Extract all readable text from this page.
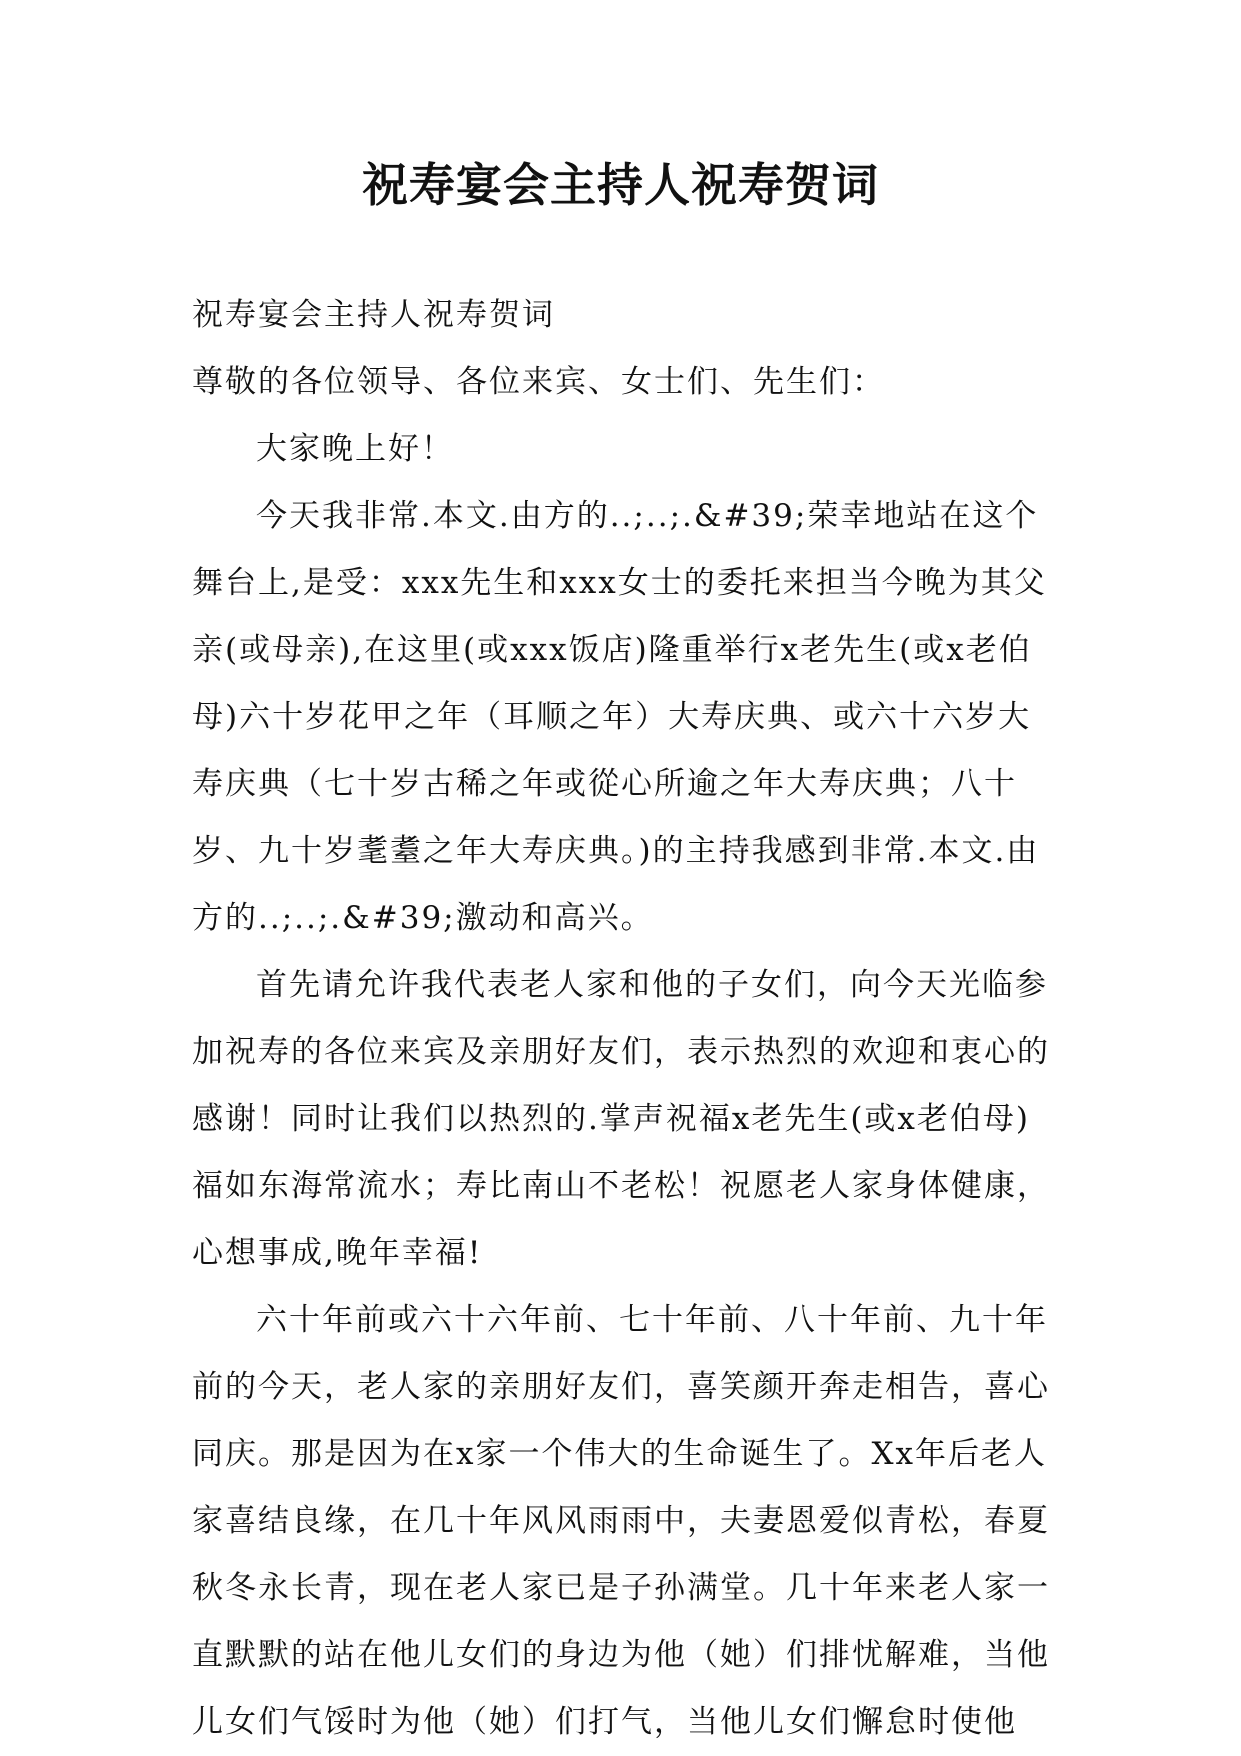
祝寿宴会主持人祝寿贺词

祝寿宴会主持人祝寿贺词

尊敬的各位领导、各位来宾、女士们、先生们：

大家晚上好！

今天我非常.本文.由方的..;..;.&#39;荣幸地站在这个舞台上,是受：xxx先生和xxx女士的委托来担当今晚为其父亲(或母亲),在这里(或xxx饭店)隆重举行x老先生(或x老伯母)六十岁花甲之年（耳顺之年）大寿庆典、或六十六岁大寿庆典（七十岁古稀之年或從心所逾之年大寿庆典；八十岁、九十岁耄耋之年大寿庆典。)的主持我感到非常.本文.由方的..;..;.&#39;激动和高兴。

首先请允许我代表老人家和他的子女们，向今天光临参加祝寿的各位来宾及亲朋好友们，表示热烈的欢迎和衷心的感谢！同时让我们以热烈的.掌声祝福x老先生(或x老伯母)福如东海常流水；寿比南山不老松！祝愿老人家身体健康，心想事成,晚年幸福!

六十年前或六十六年前、七十年前、八十年前、九十年前的今天，老人家的亲朋好友们，喜笑颜开奔走相告，喜心同庆。那是因为在x家一个伟大的生命诞生了。Xx年后老人家喜结良缘，在几十年风风雨雨中，夫妻恩爱似青松，春夏秋冬永长青，现在老人家已是子孙满堂。几十年来老人家一直默默的站在他儿女们的身边为他（她）们排忧解难，当他儿女们气馁时为他（她）们打气，当他儿女们懈怠时使他
